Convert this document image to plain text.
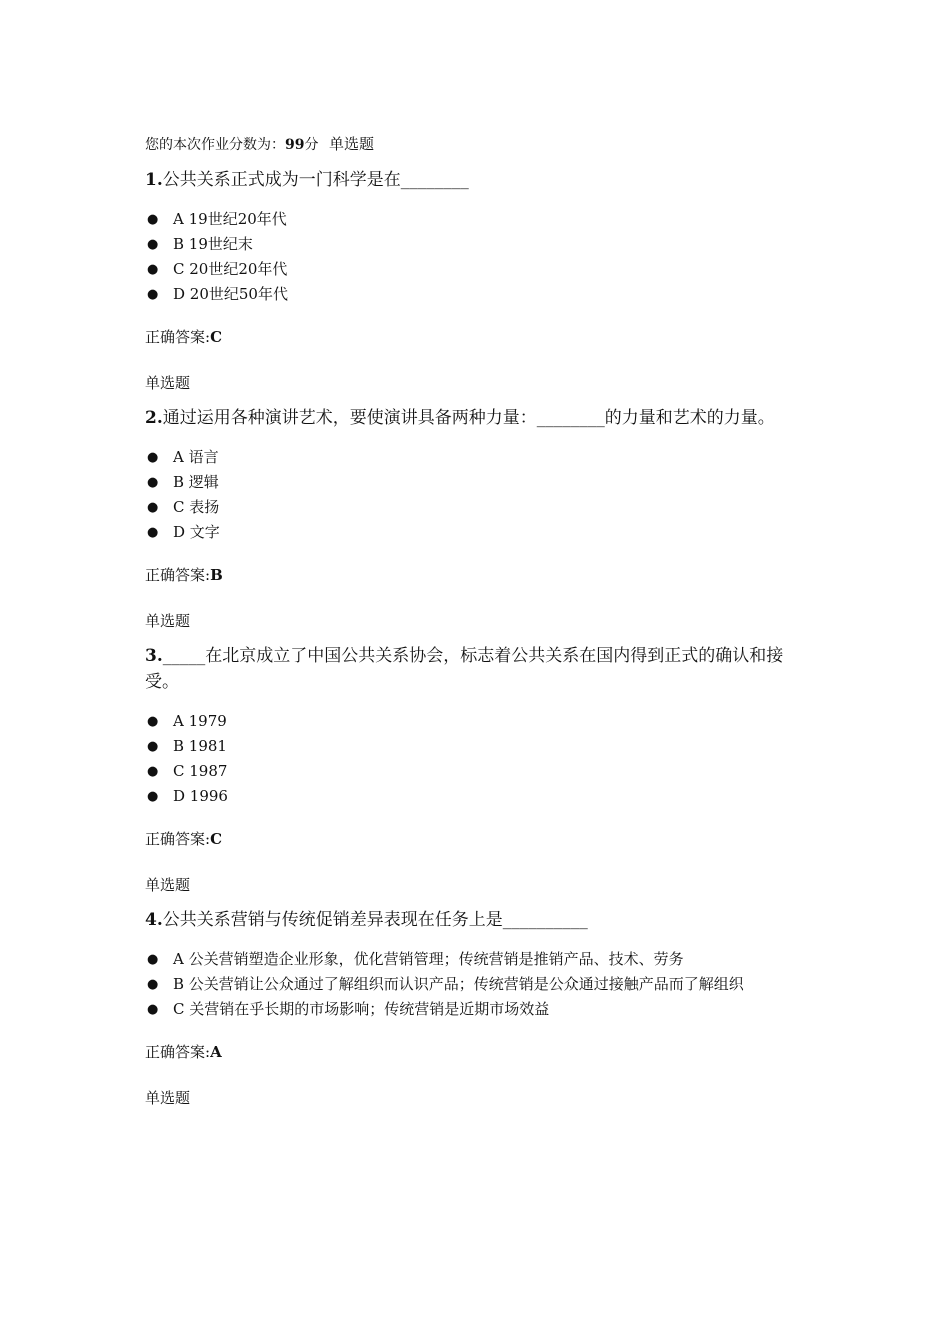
您的本次作业分数为：99分 单选题

1.公共关系正式成为一门科学是在________

● A 19世纪20年代
● B 19世纪末
● C 20世纪20年代
● D 20世纪50年代

正确答案:C

单选题

2.通过运用各种演讲艺术，要使演讲具备两种力量：________的力量和艺术的力量。

● A 语言
● B 逻辑
● C 表扬
● D 文字

正确答案:B

单选题

3._____在北京成立了中国公共关系协会，标志着公共关系在国内得到正式的确认和接受。

● A 1979
● B 1981
● C 1987
● D 1996

正确答案:C

单选题

4.公共关系营销与传统促销差异表现在任务上是__________

● A 公关营销塑造企业形象，优化营销管理；传统营销是推销产品、技术、劳务
● B 公关营销让公众通过了解组织而认识产品；传统营销是公众通过接触产品而了解组织
● C 关营销在乎长期的市场影响；传统营销是近期市场效益

正确答案:A

单选题
